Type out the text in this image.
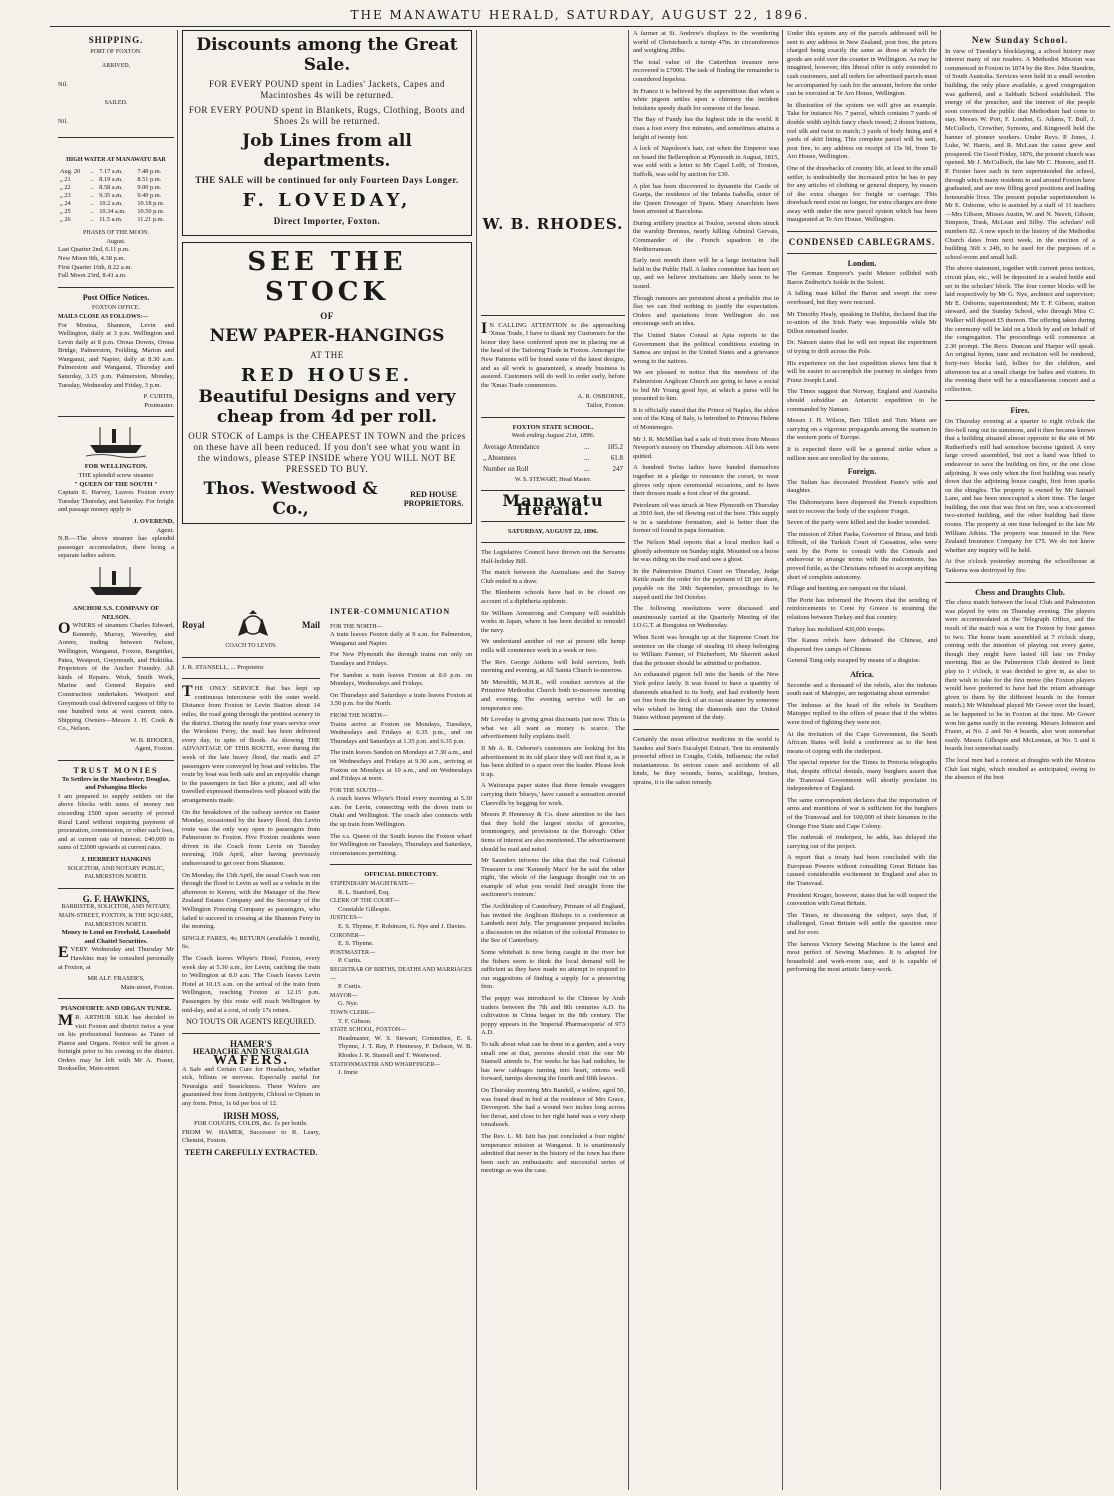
THE MANAWATU HERALD, SATURDAY, AUGUST 22, 1896.
SHIPPING.
PORT OF FOXTON.
ARRIVED,
Nil.
SAILED.
Nil.
HIGH WATER AT MANAWATU BAR
Aug. 20	..	7.17 a.m.	7.48 p.m.
„ 21	..	8.19 a.m.	8.51 p.m.
„ 22	..	8.58 a.m.	9.00 p.m.
„ 23	..	9.35 a.m.	9.49 p.m.
„ 24	..	10.2 a.m.	10.18 p.m.
„ 25	..	10.34 a.m.	10.50 p.m.
„ 26	..	11.5 a.m.	11.21 p.m.
PHASES OF THE MOON.
August.
Last Quarter 2nd, 6.11 p.m.
New Moon 9th, 4.38 p.m.
First Quarter 16th, 8.22 a.m.
Full Moon 23rd, 8.41 a.m.
Post Office Notices.
FOXTON OFFICE.
MAILS CLOSE AS FOLLOWS:—

For Moutoa, Shannon, Levin and Wellington, daily at 3 p.m. Wellington and Levin daily at 8 p.m. Oroua Downs, Oroua Bridge, Palmerston, Feilding, Marton and Wanganui, and Napier, daily at 8.30 a.m. Palmerston and Wanganui, Thursday and Saturday, 3.15 p.m. Palmerston, Monday, Tuesday, Wednesday and Friday, 3 p.m.

P. CURTIS,
Postmaster.
FOR WELLINGTON.
THE splendid screw steamer
" QUEEN OF THE SOUTH "

Captain E. Harvey, Leaves Foxton every Tuesday Thursday, and Saturday. For freight and passage money apply to

J. OVEREND,
Agent.

N.B.—The above steamer has splendid passenger accomodation, there being a separate ladies saloon.

ANCHOR S.S. COMPANY OF NELSON.

OWNERS of steamers Charles Edward, Kennedy, Murray, Waverley, and Aorere, trading between Nelson, Wellington, Wanganui, Foxton, Rangitikei, Patea, Westport, Greymouth, and Hokitika. Proprietors of the Anchor Foundry. All kinds of Repairs. Work, Smith Work, Marine and General Repairs and Construction undertaken. Westport and Greymouth coal delivered cargoes of fifty to one hundred tons at west current rates. Shipping Owners—Messrs J. H. Cook & Co., Nelson.

W. B. RHODES,
Agent, Foxton.
TRUST MONIES
To Settlers in the Manchester, Douglas, and Pohangina Blocks

I am prepared to supply settlers on the above blocks with sums of money not exceeding £500 upon security of proved Rural Land without requiring payment of procuration, commission, or other such fees, and at current rate of interest. £40,000 in sums of £2000 upwards at current rates.

J. HERBERT HANKINS
SOLICITOR, AND NOTARY PUBLIC, PALMERSTON NORTH.
G. F. HAWKINS,
BARRISTER, SOLICITOR, AND NOTARY,
MAIN-STREET, FOXTON, & THE SQUARE, PALMERSTON NORTH.
Money to Lend on Freehold, Leasehold and Chattel Securities.

EVERY Wednesday and Thursday Mr Hawkins may be consulted personally at Foxton, at

MR ALF. FRASER'S,
Main-street, Foxton.
PIANOFORTE AND ORGAN TUNER.

MR. ARTHUR SILK has decided to visit Foxton and district twice a year on his professional business as Tuner of Pianos and Organs. Notice will be given a fortnight prior to his coming to the district. Orders may be left with Mr A. Fraser, Bookseller, Main-street.

Discounts among the Great Sale.
FOR EVERY POUND spent in Ladies' Jackets, Capes and Macintoshes 4s will be returned.
FOR EVERY POUND spent in Blankets, Rugs, Clothing, Boots and Shoes 2s will be returned.
Job Lines from all departments.
THE SALE will be continued for only Fourteen Days Longer.
F. LOVEDAY,
Direct Importer, Foxton.
SEE THE STOCK
OF
NEW PAPER-HANGINGS
AT THE
RED HOUSE.
Beautiful Designs and very cheap from 4d per roll.
OUR STOCK of Lamps is the CHEAPEST IN TOWN and the prices on these have all been reduced. If you don't see what you want in the windows, please STEP INSIDE where YOU WILL NOT BE PRESSED TO BUY.
Thos. Westwood & Co.,
RED HOUSE PROPRIETORS.
Royal	Mail
COACH TO LEVIN.
J. R. STANSELL, ... Proprietor.

THE ONLY SERVICE that has kept up continuous intercourse with the outer world. Distance from Foxton to Levin Station about 14 miles, the road going through the prettiest scenery in the district. During the nearly four years service over the Wirokino Ferry, the mail has been delivered every day, in spite of floods. As showing THE ADVANTAGE OF THIS ROUTE, even during the week of the late heavy flood, the mails and 27 passengers were conveyed by boat and vehicles. The route by boat was both safe and an enjoyable change to the passengers in fact like a picnic, and all who travelled expressed themselves well pleased with the arrangements made.

On the breakdown of the railway service on Easter Monday, occasioned by the heavy flood, this Levin route was the only way open to passengers from Palmerston to Foxton. Five Foxton residents were driven in the Coach from Levin on Tuesday morning, 16th April, after having previously endeavoured to get over from Shannon.

On Monday, the 15th April, the usual Coach was run through the flood to Levin as well as a vehicle in the afternoon to Kereru, with the Manager of the New Zealand Estates Company and the Secretary of the Wellington Freezing Company as passengers, who failed to succeed in crossing at the Shannon Ferry in the morning.

SINGLE FARES, 4s; RETURN (available 1 month), 6s.

The Coach leaves Whyte's Hotel, Foxton, every week day at 5.30 a.m., for Levin, catching the train to Wellington at 8.0 a.m. The Coach leaves Levin Hotel at 10.15 a.m. on the arrival of the train from Wellington, reaching Foxton at 12.15 p.m. Passengers by this route will reach Wellington by mid-day, and at a cost, of only 17s return.

NO TOUTS OR AGENTS REQUIRED.
HAMER'S
HEADACHE AND NEURALGIA
WAFERS.

A Safe and Certain Cure for Headaches, whether sick, bilious or nervous. Especially useful for Neuralgia and Seasickness. These Wafers are guaranteed free from Antipyrin, Chloral or Opium in any form. Price, 1s 6d per box of 12.

IRISH MOSS,
FOR COUGHS, COLDS, &c. 1s per bottle.

FROM W. HAMER, Successor to R. Leary, Chemist, Foxton.

TEETH CAREFULLY EXTRACTED.
INTER-COMMUNICATION
FOR THE NORTH—

A train leaves Foxton daily at 9 a.m. for Palmerston, Wanganui and Napier.

For New Plymouth the through trains run only on Tuesdays and Fridays.

For Sandon a train leaves Foxton at 8.0 p.m. on Mondays, Wednesdays and Fridays.

On Thursdays and Saturdays a train leaves Foxton at 3.50 p.m. for the North.

FROM THE NORTH—

Trains arrive at Foxton on Mondays, Tuesdays, Wednesdays and Fridays at 6.35 p.m., and on Thursdays and Saturdays at 1.35 p.m. and 6.35 p.m.

The train leaves Sandon on Mondays at 7.30 a.m., and on Wednesdays and Fridays at 9.30 a.m., arriving at Foxton on Mondays at 10 a.m., and on Wednesdays and Fridays at noon.

FOR THE SOUTH—

A coach leaves Whyte's Hotel every morning at 5.30 a.m. for Levin, connecting with the down train to Otaki and Wellington. The coach also connects with the up train from Wellington.

The s.s. Queen of the South leaves the Foxton wharf for Wellington on Tuesdays, Thursdays and Saturdays, circumstances permitting.

OFFICIAL DIRECTORY.
STIPENDIARY MAGISTRATE—
R. L. Stanford, Esq.
CLERK OF THE COURT—
Constable Gillespie.
JUSTICES—
E. S. Thynne, F. Robinson, G. Nye and J. Davies.
CORONER—
E. S. Thynne.
POSTMASTER—
P. Curtis.
REGISTRAR OF BIRTHS, DEATHS AND MARRIAGES—
P. Curtis.
MAYOR—
G. Nye.
TOWN CLERK—
T. F. Gibson.
STATE SCHOOL, FOXTON—
Headmaster, W. S. Stewart; Committee, E. S. Thynne, J. T. Ray, P. Hennessy, P. Dobson, W. B. Rhodes J. R. Stansell and T. Westwood.
STATIONMASTER AND WHARFINGER—
J. Imrie
W. B. RHODES.

IN CALLING ATTENTION to the approaching 'Xmas Trade, I have to thank my Customers for the honor they have conferred upon me in placing me at the head of the Tailoring Trade in Foxton. Amongst the New Patterns will be found some of the latest designs, and as all work is guaranteed, a steady business is assured. Customers will do well to order early, before the 'Xmas Trade commences.

A. R. OSBORNE,
Tailor, Foxton.
FOXTON STATE SCHOOL.
Week ending August 21st, 1896.
Average Attendance	...	185.2
„ Absentees	...	61.8
Number on Roll	...	247
W. S. STEWART, Head Master.
Manawatu Herald.
SATURDAY, AUGUST 22, 1896.

The Legislative Council have thrown out the Servants Half-holiday Bill.

The match between the Australians and the Surrey Club ended in a draw.

The Blenheim schools have had to be closed on account of a diphtheria epidemic.

Sir William Armstrong and Company will establish works in Japan, where it has been decided to remodel the navy.

We understand another of our at present idle hemp mills will commence work in a week or two.

The Rev. George Aitkens will hold services, both morning and evening, at All Saints Church to-morrow.

Mr Meredith, M.H.R., will conduct services at the Primitive Methodist Church both to-morrow morning and evening. The evening service will be an temperance one.

Mr Loveday is giving great discounts just now. This is what we all want as money is scarce. The advertisement fully explains itself.

If Mr A. R. Osborne's customers are looking for his advertisement in its old place they will not find it, as it has been shifted to a space over the leader. Please look it up.

A Wairarapa paper states that three female swaggers carrying their 'blueys,' have caused a sensation around Clareville by begging for work.

Messrs P. Hennessy & Co. draw attention to the fact that they hold the largest stocks of groceries, ironmongery, and provisions in the Borough. Other items of interest are also mentioned. The advertisement should be read and noted.

Mr Saunders informs the idea that the real Colonial Treasurer is one 'Kennedy Macs' for he said the other night, 'the whole of the language thought out in an example of what you would find straight from the auctioneer's rostrum.'

The Archbishop of Canterbury, Primate of all England, has invited the Anglican Bishops to a conference at Lambeth next July. The programme prepared includes a discussion on the relation of the colonial Primates to the See of Canterbury.

Some whitebait is now being caught in the river but the fishers seem to think the local demand will be sufficient as they have made no attempt to respond to our suggestions of finding a supply for a preserving firm.

The poppy was introduced to the Chinese by Arab traders between the 7th and 8th centuries A.D. Its cultivation in China began in the 8th century. The poppy appears in the 'Imperial Pharmacopœia' of 973 A.D.

To talk about what can be done in a garden, and a very small one at that, persons should visit the one Mr Stansell attends to. For weeks he has had radishes, he has now cabbages turning into heart, onions well forward, turnips showing the fourth and fifth leaves.

On Thursday morning Mrs Randell, a widow, aged 50, was found dead in bed at the residence of Mrs Grace, Devonport. She had a wound two inches long across her throat, and close to her right hand was a very sharp tomahawk.

The Rev. L. M. Isitt has just concluded a four nights' temperance mission at Wanganui. It is unanimously admitted that never in the history of the town has there been such an enthusiastic and successful series of meetings as was the case.

A farmer at St. Andrew's displays to the wondering world of Christchurch a turnip 47in. in circumference and weighing 28lbs.

The total value of the Catterthun treasure now recovered is £7000. The task of finding the remainder is considered hopeless.

In France it is believed by the superstitious that when a white pigeon settles upon a chimney the incident betokens speedy death for someone of the house.

The Bay of Fundy has the highest tide in the world. It rises a foot every five minutes, and sometimes attains a height of twenty feet.

A lock of Napoleon's hair, cut when the Emperor was on board the Bellerophon at Plymouth in August, 1815, was sold with a letter to Mr Capel Lofft, of Troston, Suffolk, was sold by auction for £30.

A plot has been discovered to dynamite the Castle of Granja, the residence of the Infanta Isabella, sister of the Queen Dowager of Spain. Many Anarchists have been arrested at Barcelona.

During artillery practice at Toulon, several shots struck the warship Brennus, nearly killing Admiral Gervais, Commander of the French squadron in the Mediterranean.

Early next month there will be a large invitation ball held in the Public Hall. A ladies committee has been set up, and we believe invitations are likely soon to be issued.

Though rumours are persistent about a probable rise in flax we can find nothing to justify the expectation. Orders and quotations from Wellington do not encourage such an idea.

The United States Consul at Apia reports to the Government that the political conditions existing in Samoa are unjust to the United States and a grievance wrong to the natives.

We are pleased to notice that the members of the Palmerston Anglican Church are going to have a social to bid Mr Young good bye, at which a purse will be presented to him.

It is officially stated that the Prince of Naples, the eldest son of the King of Italy, is betrothed to Princess Helene of Montenegro.

Mr J. R. McMillan had a sale of fruit trees from Messrs Newport's nursery on Thursday afternoon. All lots were quitted.

A hundred Swiss ladies have banded themselves together in a pledge to renounce the corset, to wear gloves only upon ceremonial occasions, and to have their dresses made a foot clear of the ground.

Petroleum oil was struck at New Plymouth on Thursday at 3910 feet, the oil flowing out of the bore. This supply is in a sandstone formation, and is better than the former oil found in papa formation.

The Nelson Mail reports that a local medico had a ghostly adventure on Sunday night. Mounted on a horse he was riding on the road and saw a ghost.

In the Palmerston District Court on Thursday, Judge Kettle made the order for the payment of £8 per share, payable on the 30th September, proceedings to be stayed until the 3rd October.

The following resolutions were discussed and unanimously carried at the Quarterly Meeting of the I.O.G.T. at Bongotea on Wednesday.

When Scott was brought up at the Supreme Court for sentence on the charge of stealing 10 sheep belonging to William Farmer, of Fitzherbert, Mr Skerrett asked that the prisoner should be admitted to probation.

An exhausted pigeon fell into the hands of the New York police lately. It was found to have a quantity of diamonds attached to its body, and had evidently been set free from the deck of an ocean steamer by someone who wished to bring the diamonds into the United States without payment of the duty.

Certainly the most effective medicine in the world is Sanders and Son's Eucalypti Extract. Test its eminently powerful effect in Coughs, Colds, Influenza; the relief instantaneous. In serious cases and accidents of all kinds, be they wounds, burns, scaldings, bruises, sprains, it is the safest remedy.

Under this system any of the parcels addressed will be sent to any address in New Zealand, post free, the prices charged being exactly the same as those at which the goods are sold over the counter in Wellington. As may be imagined, however, this liberal offer is only extended to cash customers, and all orders for advertised parcels must be accompanied by cash for the amount, before the order can be executed at Te Aro House, Wellington.

In illustration of the system we will give an example. Take for instance No. 7 parcel, which contains 7 yards of double width stylish fancy check tweed; 2 dozen buttons, reel silk and twist to match; 3 yards of body lining and 4 yards of skirt lining. This complete parcel will be sent, post free, to any address on receipt of 15s 9d, from Te Aro House, Wellington.

One of the drawbacks of country life, at least to the small settler, is undoubtedly the increased price he has to pay for any articles of clothing or general drapery, by reason of the extra charges for freight or carriage. This drawback need exist no longer, for extra charges are done away with under the new parcel system which has been inaugurated at Te Aro House, Wellington.

CONDENSED CABLEGRAMS.
London.

The German Emperor's yacht Meteor collided with Baron Zedtwitz's Isolde in the Solent.

A falling mast killed the Baron and swept the crew overboard, but they were rescued.

Mr Timothy Healy, speaking in Dublin, declared that the re-union of the Irish Party was impossible while Mr Dillon remained leader.

Dr. Nansen states that he will not repeat the experiment of trying to drift across the Pole.

His experience on the last expedition shows him that it will be easier to accomplish the journey in sledges from Franz Joseph Land.

The Times suggest that Norway, England and Australia should subsidise an Antarctic expedition to be commanded by Nansen.

Messrs J. H. Wilson, Ben Tillett and Tom Mann are carrying on a vigorous propaganda among the seamen in the western ports of Europe.

It is expected there will be a general strike when a million men are enrolled by the unions.

Foreign.

The Sultan has decorated President Faure's wife and daughter.

The Dahomeyans have dispersed the French expedition sent to recover the body of the explorer Forget.

Seven of the party were killed and the leader wounded.

The mission of Zibni Pasha, Governor of Brusa, and Izidi Effendi, of the Turkish Court of Cassation, who were sent by the Porte to consult with the Consuls and endeavour to arrange terms with the malcontents, has proved futile, as the Christians refused to accept anything short of complete autonomy.

Pillage and burning are rampant on the island.

The Porte has informed the Powers that the sending of reinforcements to Crete by Greece is straining the relations between Turkey and that country.

Turkey has mobilised 420,000 troops.

The Kansu rebels have defeated the Chinese, and dispersed five camps of Chinese.

General Tung only escaped by means of a disguise.

Africa.

Secombe and a thousand of the rebels, also the indunas south east of Matoppo, are negotiating about surrender.

The indunas at the head of the rebels in Southern Matoppo replied to the offers of peace that if the whites were tired of fighting they were not.

At the invitation of the Cape Government, the South African States will hold a conference as to the best means of coping with the rinderpest.

The special reporter for the Times in Pretoria telegraphs that, despite official denials, many burghers assert that the Transvaal Government will shortly proclaim its independence of England.

The same correspondent declares that the importation of arms and munitions of war is sufficient for the burghers of the Transvaal and for 100,000 of their kinsmen in the Orange Free State and Cape Colony.

The outbreak of rinderpest, he adds, has delayed the carrying out of the project.

A report that a treaty had been concluded with the European Powers without consulting Great Britain has caused considerable excitement in England and also in the Transvaal.

President Kruger, however, states that he will respect the convention with Great Britain.

The Times, in discussing the subject, says that, if challenged, Great Britain will settle the question once and for ever.

The famous Victory Sewing Machine is the latest and most perfect of Sewing Machines. It is adapted for household and work-room use, and it is capable of performing the most artistic fancy-work.

New Sunday School.

In view of Tuesday's blocklaying, a school history may interest many of our readers. A Methodist Mission was commenced in Foxton in 1874 by the Rev. John Standrin, of South Australia. Services were held in a small wooden building, the only place available, a good congregation was gathered, and a Sabbath School established. The energy of the preacher, and the interest of the people soon convinced the public that Methodism had come to stay. Messrs W. Port, F. London, G. Adams, T. Bull, J. McCulloch, Crowther, Symons, and Kingswell held the banner of pioneer workers. Under Revs. P. Jones, J. Luke, W. Harris, and R. McLean the cause grew and prospered. On Good Friday, 1876, the present church was opened. Mr J. McCulloch, the late Mr C. Honore, and H. P. Forster have each in turn superintended the school, through which many residents in and around Foxton have graduated, and are now filling good positions and leading honourable lives. The present popular superintendent is Mr E. Osborne, who is assisted by a staff of 11 teachers—Mrs Gibson, Misses Austin, W. and N. Nesvit, Gibson, Simpson, Trask, McLean and Silby. The scholars' roll numbers 82. A new epoch in the history of the Methodist Church dates from next week, in the erection of a building 36ft x 24ft, to be used for the purposes of a school-room and small hall.

The above statement, together with current press notices, circuit plan, etc., will be deposited in a sealed bottle and set in the scholars' block. The four corner blocks will be laid respectively by Mr G. Nye, architect and supervisor; Mr E. Osborne, superintendent; Mr T. F. Gibson, station steward, and the Sunday School, who through Miss C. Walker will deposit £5 thereon. The offering taken during the ceremony will be laid on a block by and on behalf of the congregation. The proceedings will commence at 2.30 prompt. The Revs. Duncan and Harper will speak. An original hymn, tune and recitation will be rendered, forty-two blocks laid, lollies for the children, and afternoon tea at a small charge for ladies and visitors. In the evening there will be a miscellaneous concert and a collection.

Fires.

On Thursday evening at a quarter to eight o'clock the fire-bell rang out its summons, and it then became known that a building situated almost opposite to the site of Mr Rutherford's mill had somehow become ignited. A very large crowd assembled, but not a hand was lifted to endeavour to save the building on fire, or the one close adjoining. It was only when the first building was nearly down that the adjoining house caught, first from sparks on the shingles. The property is owned by Mr Samuel Lane, and has been unoccupied a short time. The larger building, the one that was first on fire, was a six-roomed two-storied building, and the other building had three rooms. The property at one time belonged to the late Mr William Atkins. The property was insured in the New Zealand Insurance Company for £75. We do not know whether any inquiry will be held.

At five o'clock yesterday morning the schoolhouse at Taikorea was destroyed by fire.

Chess and Draughts Club.

The chess match between the local Club and Palmerston was played by wire on Thursday evening. The players were accommodated at the Telegraph Office, and the result of the match was a win for Foxton by four games to two. The home team assembled at 7 o'clock sharp, coming with the intention of playing out every game, though they might have lasted till late on Friday morning. But as the Palmerston Club desired to limit play to 1 o'clock, it was decided to give in, as also to their wish to take for the first move (the Foxton players would have preferred to have had the return advantage given to them by the different boards in the former match.) Mr Whitehead played Mr Gower over the board, as he happened to be in Foxton at the time. Mr Gower won his game easily in the evening. Messrs Johnston and Frazer, at No. 2 and No 4 boards, also won somewhat easily. Messrs Gillespie and McLennan, at No. 5 and 6 boards lost somewhat easily.

The local men had a contest at draughts with the Moutoa Club last night, which resulted as anticipated, owing to the absence of the best
